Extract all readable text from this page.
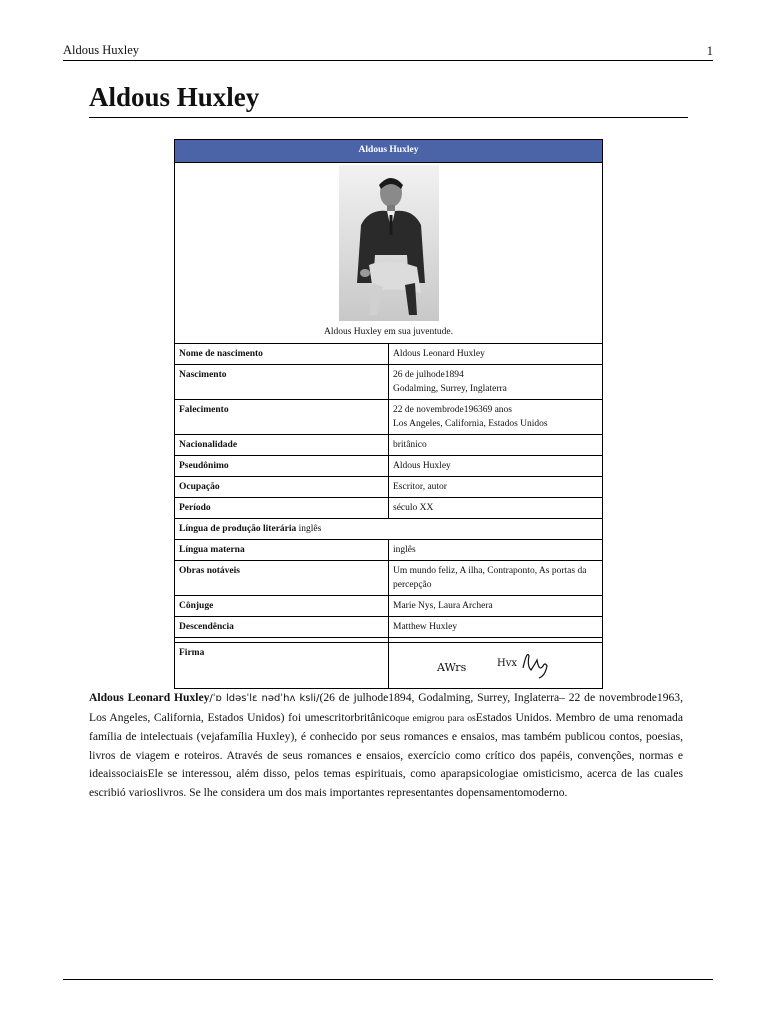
Aldous Huxley	1
Aldous Huxley
Aldous Huxley	

Aldous Huxley em sua juventude.	

Nome de nascimento	Aldous Leonard Huxley
Nascimento	26 de julhode1894
Godalming, Surrey, Inglaterra

Falecimento	22 de novembrode196369 anos
Los Angeles, California, Estados Unidos

Nacionalidade	britânico
Pseudônimo	Aldous Huxley
Ocupação	Escritor, autor
Período	século XX
Língua de produção literária inglês	
Língua materna	inglês
Obras notáveis	Um mundo feliz, A ilha, Contraponto, As portas da percepção
Cônjuge	Marie Nys, Laura Archera
Descendência	Matthew Huxley

Firma	AWrs Hvx

Aldous Leonard Huxley/ˈɒ ldəsˈlɛ nədˈhʌ ksli/(26 de julhode1894, Godalming, Surrey, Inglaterra– 22 de novembrode1963, Los Angeles, California, Estados Unidos) foi umescritorbritânicoque emigrou para osEstados Unidos. Membro de uma renomada família de intelectuais (vejafamília Huxley), é conhecido por seus romances e ensaios, mas também publicou contos, poesias, livros de viagem e roteiros. Através de seus romances e ensaios, exercício como crítico dos papéis, convenções, normas e ideaissociaisEle se interessou, além disso, pelos temas espirituais, como aparapsicologiae omisticismo, acerca de las cuales escribió varioslivros. Se lhe considera um dos mais importantes representantes dopensamentomoderno.
